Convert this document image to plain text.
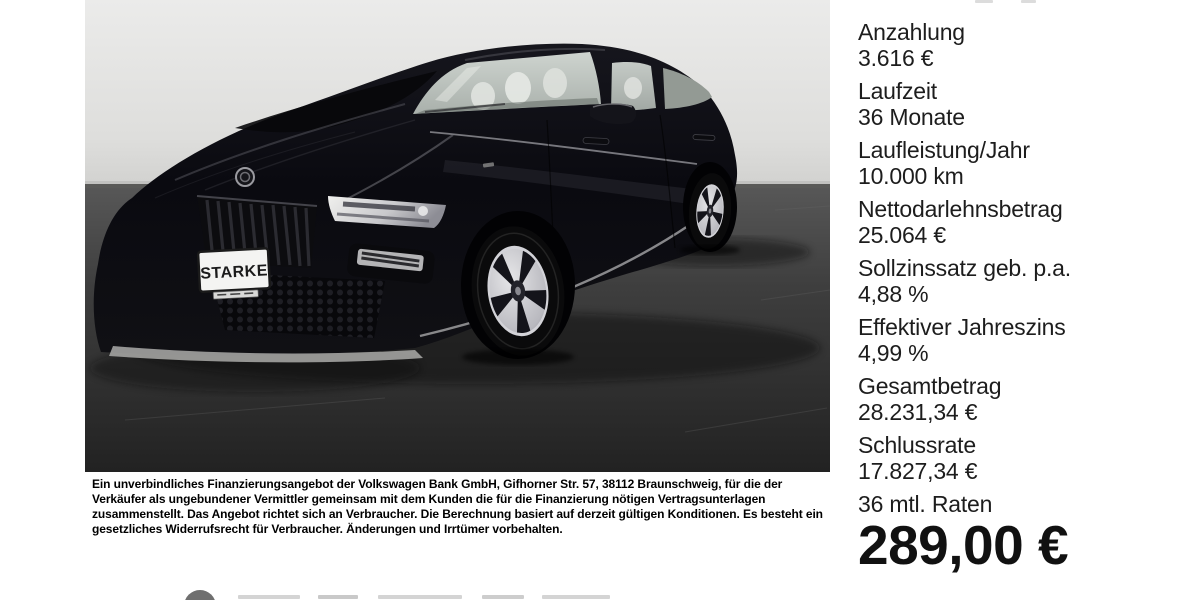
STARKE
Anzahlung
3.616 €
Laufzeit
36 Monate
Laufleistung/Jahr
10.000 km
Nettodarlehnsbetrag
25.064 €
Sollzinssatz geb. p.a.
4,88 %
Effektiver Jahreszins
4,99 %
Gesamtbetrag
28.231,34 €
Schlussrate
17.827,34 €
36 mtl. Raten
289,00 €

Ein unverbindliches Finanzierungsangebot der Volkswagen Bank GmbH, Gifhorner Str. 57, 38112 Braunschweig, für die der Verkäufer als ungebundener Vermittler gemeinsam mit dem Kunden die für die Finanzierung nötigen Vertragsunterlagen zusammenstellt. Das Angebot richtet sich an Verbraucher. Die Berechnung basiert auf derzeit gültigen Konditionen. Es besteht ein gesetzliches Widerrufsrecht für Verbraucher. Änderungen und Irrtümer vorbehalten.
